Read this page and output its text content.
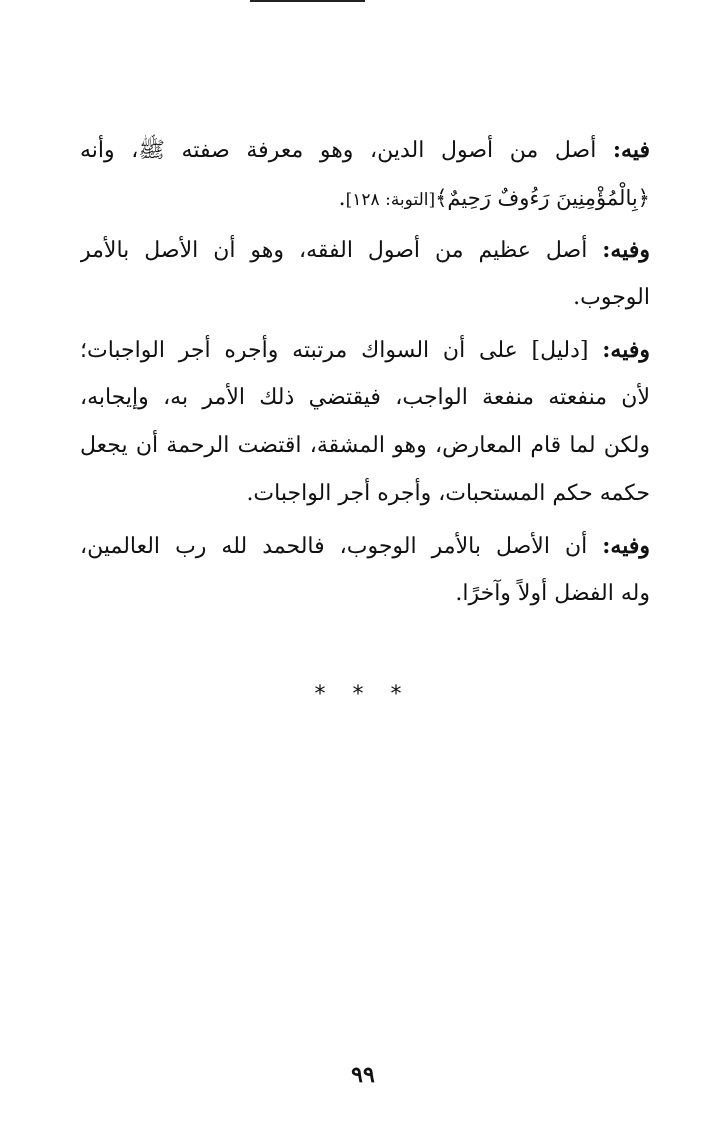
فيه: أصل من أصول الدين، وهو معرفة صفته ﷺ، وأنه
﴿بِالْمُؤْمِنِينَ رَءُوفٌ رَحِيمٌ﴾[التوبة: ١٢٨].

وفيه: أصل عظيم من أصول الفقه، وهو أن الأصل بالأمر
الوجوب.

وفيه: [دليل] على أن السواك مرتبته وأجره أجر الواجبات؛
لأن منفعته منفعة الواجب، فيقتضي ذلك الأمر به، وإيجابه،
ولكن لما قام المعارض، وهو المشقة، اقتضت الرحمة أن يجعل
حكمه حكم المستحبات، وأجره أجر الواجبات.

وفيه: أن الأصل بالأمر الوجوب، فالحمد لله رب العالمين،
وله الفضل أولاً وآخرًا.

* * *
٩٩
